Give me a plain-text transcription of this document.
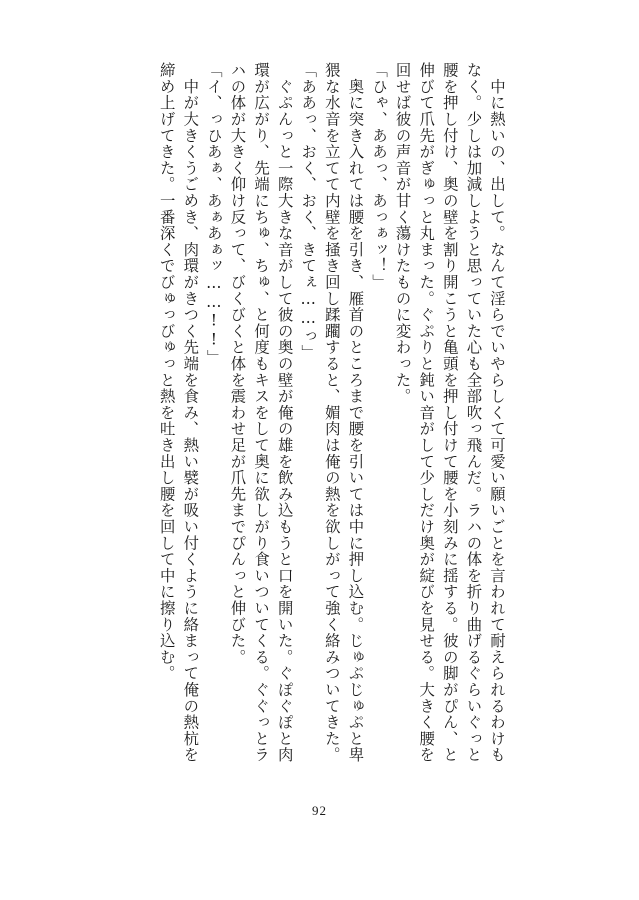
　中に熱いの、出して。なんて淫らでいやらしくて可愛い願いごとを言われて耐えられるわけも
なく。少しは加減しようと思っていた心も全部吹っ飛んだ。ラハの体を折り曲げるぐらいぐっと
腰を押し付け、奥の壁を割り開こうと亀頭を押し付けて腰を小刻みに揺する。彼の脚がぴん、と
伸びて爪先がぎゅっと丸まった。ぐぷりと鈍い音がして少しだけ奥が綻びを見せる。大きく腰を
回せば彼の声音が甘く蕩けたものに変わった。
「ひゃ、ああっ、あっぁッ！」
　奥に突き入れては腰を引き、雁首のところまで腰を引いては中に押し込む。じゅぷじゅぷと卑
猥な水音を立てて内壁を掻き回し蹂躙すると、媚肉は俺の熱を欲しがって強く絡みついてきた。
「ああっ、おく、おく、きてぇ……っ」
　ぐぷんっと一際大きな音がして彼の奥の壁が俺の雄を飲み込もうと口を開いた。ぐぽぐぽと肉
環が広がり、先端にちゅ、ちゅ、と何度もキスをして奥に欲しがり食いついてくる。ぐぐっとラ
ハの体が大きく仰け反って、びくびくと体を震わせ足が爪先までぴんっと伸びた。
「イ、っひあぁ、あぁあぁッ……!!」
　中が大きくうごめき、肉環がきつく先端を食み、熱い襞が吸い付くように絡まって俺の熱杭を
締め上げてきた。一番深くでびゅっびゅっと熱を吐き出し腰を回して中に擦り込む。
92
